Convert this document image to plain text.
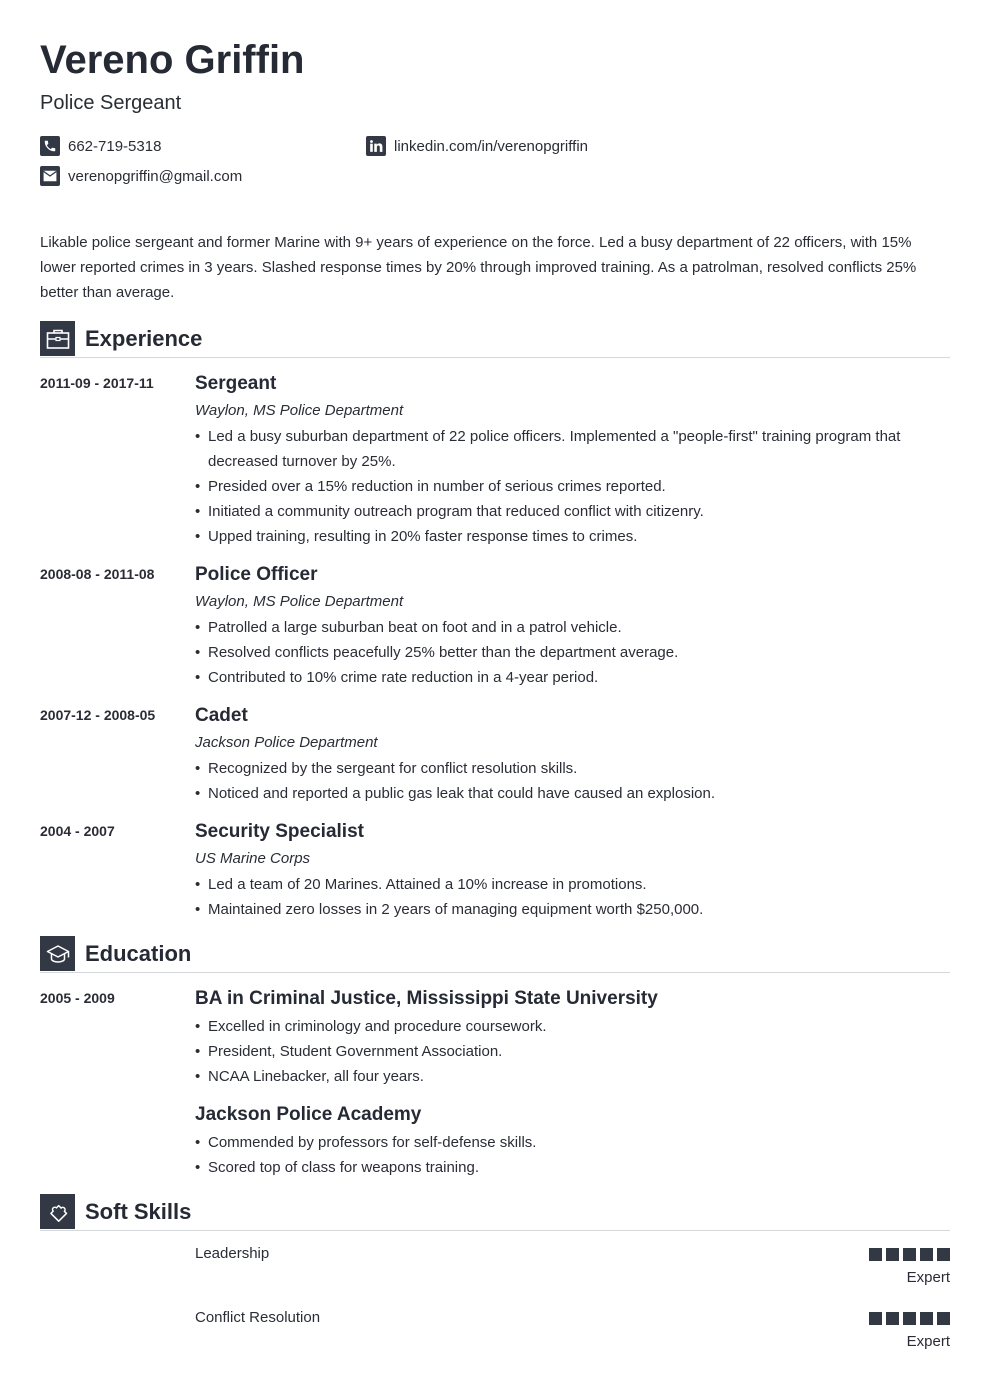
Vereno Griffin
Police Sergeant
662-719-5318	linkedin.com/in/verenopgriffin
verenopgriffin@gmail.com
Likable police sergeant and former Marine with 9+ years of experience on the force. Led a busy department of 22 officers, with 15% lower reported crimes in 3 years. Slashed response times by 20% through improved training. As a patrolman, resolved conflicts 25% better than average.
Experience
2011-09 - 2017-11 Sergeant
Waylon, MS Police Department
• Led a busy suburban department of 22 police officers. Implemented a "people-first" training program that decreased turnover by 25%.
• Presided over a 15% reduction in number of serious crimes reported.
• Initiated a community outreach program that reduced conflict with citizenry.
• Upped training, resulting in 20% faster response times to crimes.
2008-08 - 2011-08 Police Officer
Waylon, MS Police Department
• Patrolled a large suburban beat on foot and in a patrol vehicle.
• Resolved conflicts peacefully 25% better than the department average.
• Contributed to 10% crime rate reduction in a 4-year period.
2007-12 - 2008-05 Cadet
Jackson Police Department
• Recognized by the sergeant for conflict resolution skills.
• Noticed and reported a public gas leak that could have caused an explosion.
2004 - 2007	Security Specialist
US Marine Corps
• Led a team of 20 Marines. Attained a 10% increase in promotions.
• Maintained zero losses in 2 years of managing equipment worth $250,000.
Education
2005 - 2009	BA in Criminal Justice, Mississippi State University
• Excelled in criminology and procedure coursework.
• President, Student Government Association.
• NCAA Linebacker, all four years.
Jackson Police Academy
• Commended by professors for self-defense skills.
• Scored top of class for weapons training.
Soft Skills
Leadership
Expert
Conflict Resolution
Expert
